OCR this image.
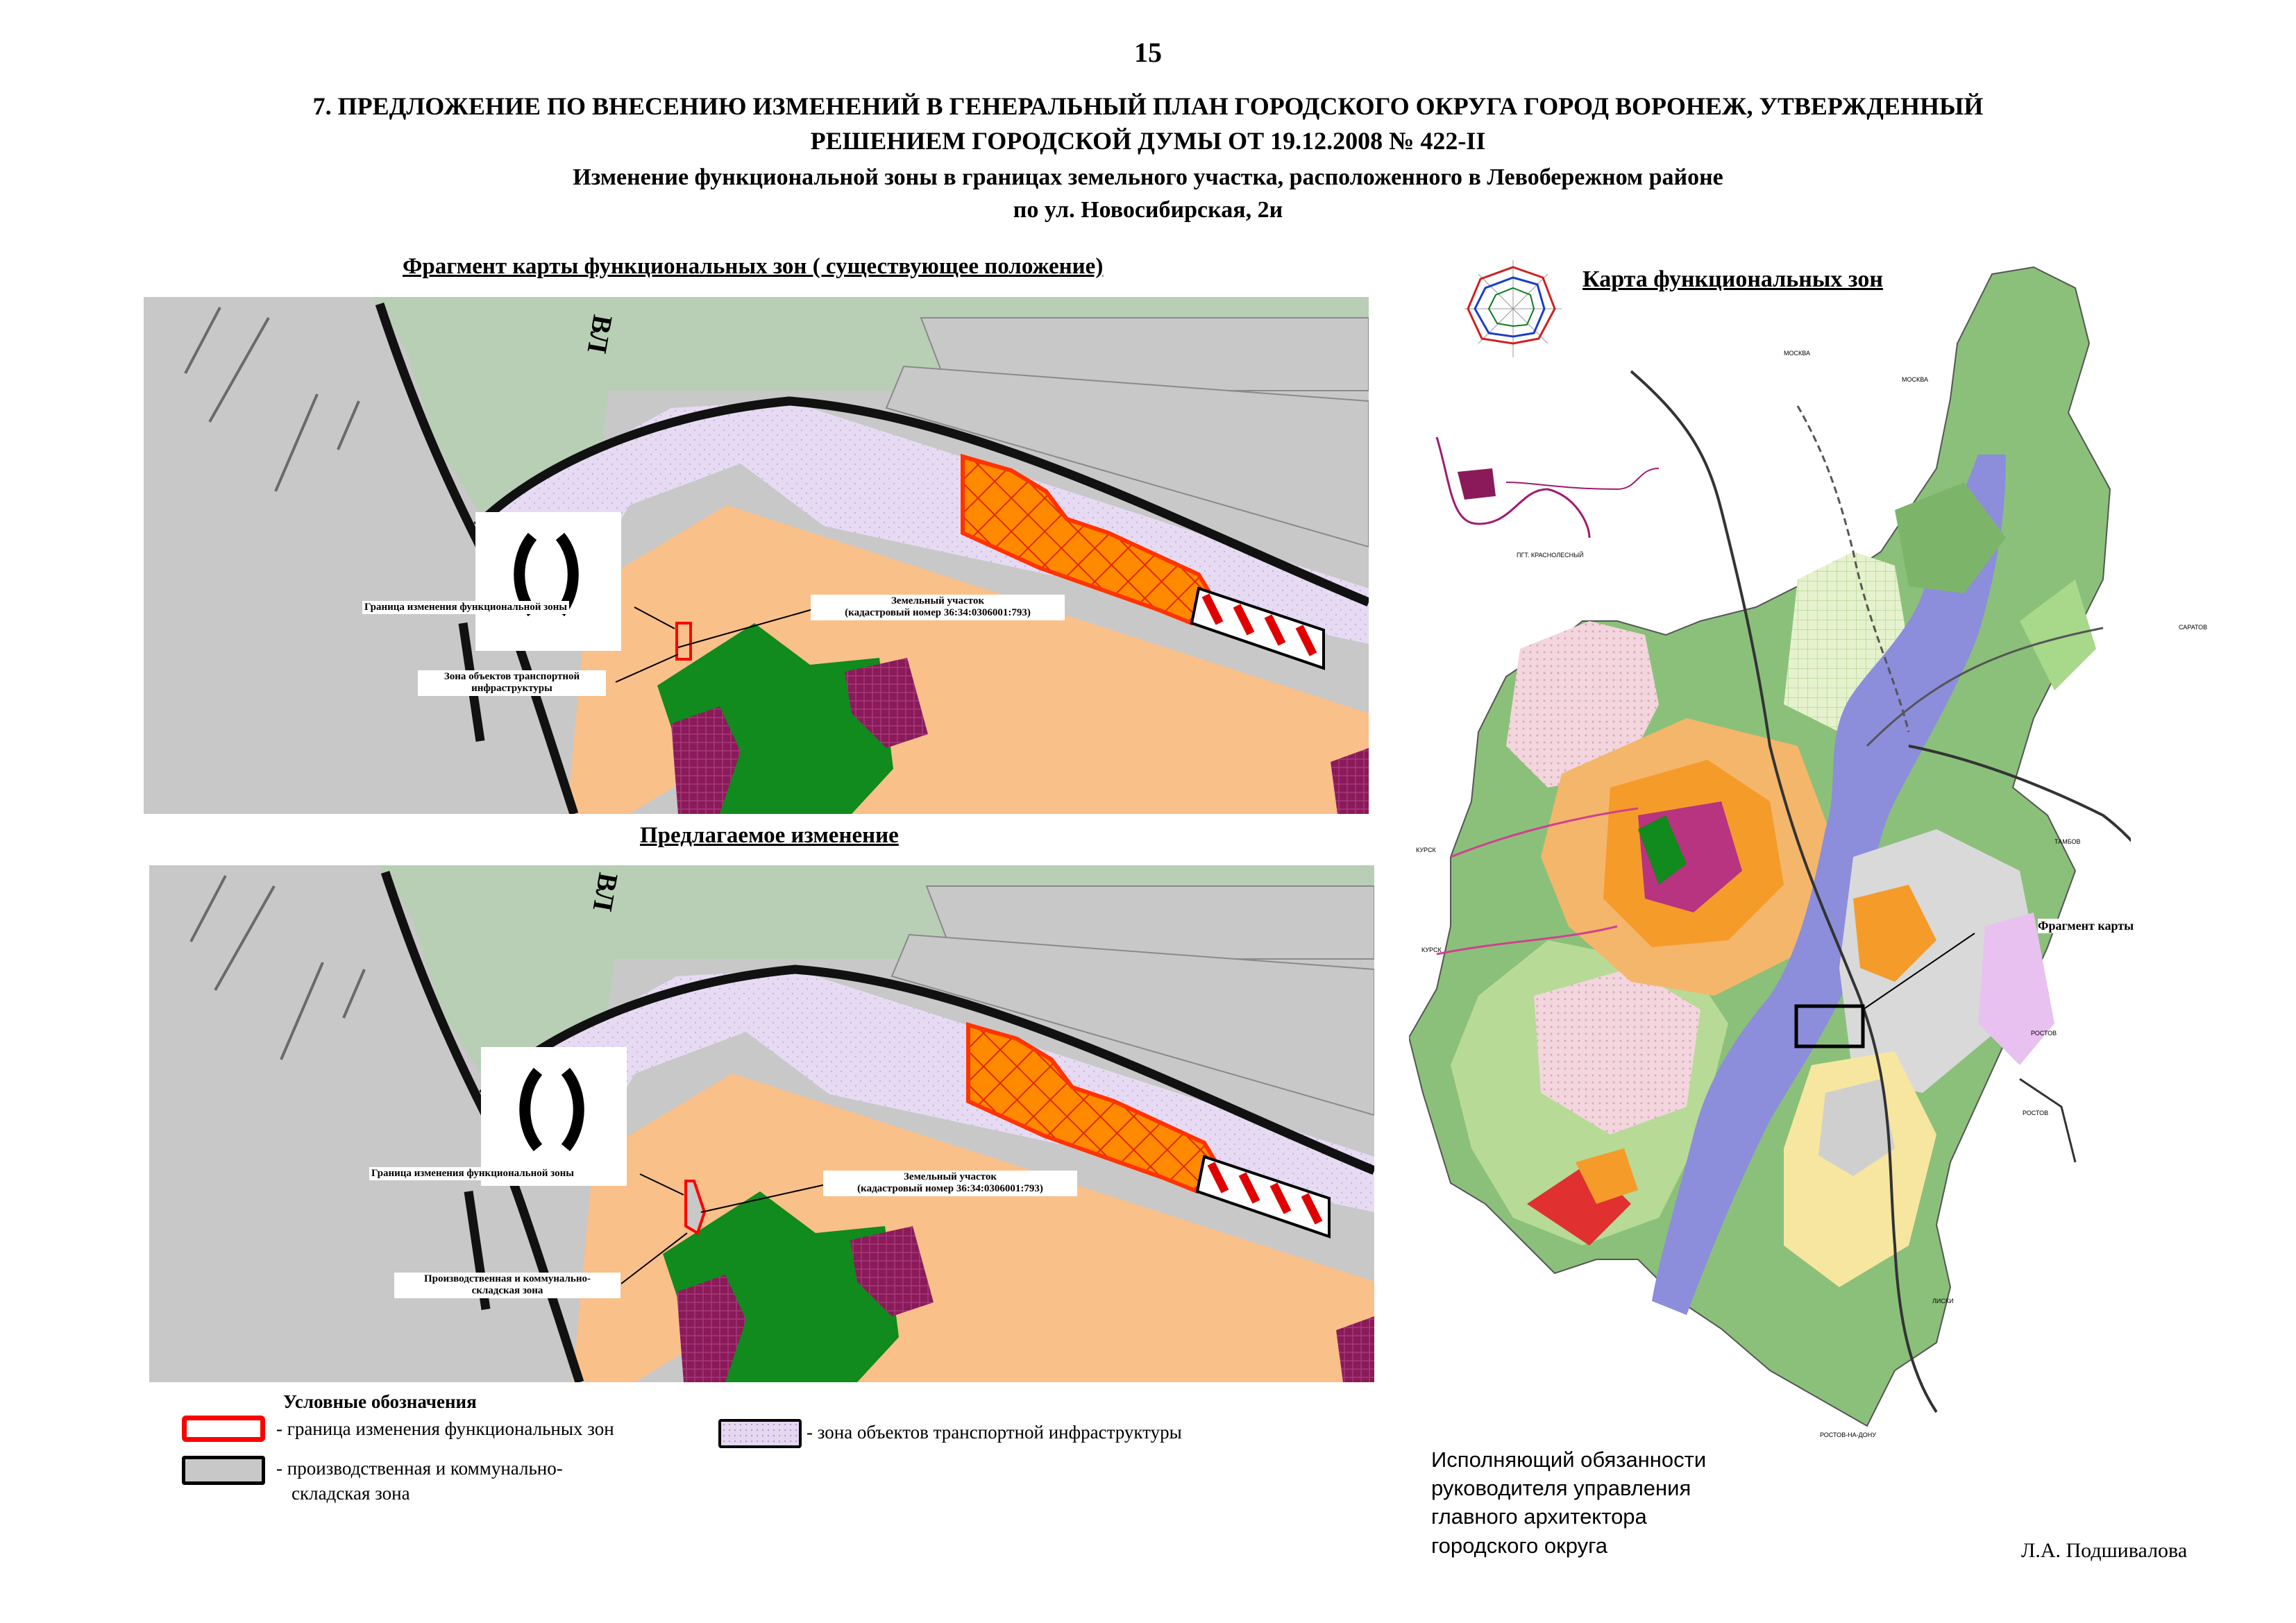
15
7. ПРЕДЛОЖЕНИЕ ПО ВНЕСЕНИЮ ИЗМЕНЕНИЙ В ГЕНЕРАЛЬНЫЙ ПЛАН ГОРОДСКОГО ОКРУГА ГОРОД ВОРОНЕЖ, УТВЕРЖДЕННЫЙ
РЕШЕНИЕМ ГОРОДСКОЙ ДУМЫ ОТ 19.12.2008 № 422-II
Изменение функциональной зоны в границах земельного участка, расположенного в Левобережном районе
по ул. Новосибирская, 2и
Фрагмент карты функциональных зон ( существующее положение)
Граница изменения функциональной зоны
Земельный участок
(кадастровый номер 36:34:0306001:793)
Зона объектов транспортной
инфраструктуры
ВЛ
Предлагаемое изменение
Граница изменения функциональной зоны	Земельный участок
(кадастровый номер 36:34:0306001:793)
Производственная и коммунально-
складская зона
ВЛ
Условные обозначения
- граница изменения функциональных зон
- производственная и коммунально-
складская зона
- зона объектов транспортной инфраструктуры
Карта функциональных зон
Фрагмент карты
КУРСК
КУРСК
МОСКВА
ПГТ. КРАСНОЛЕСНЫЙ
ТАМБОВ
РОСТОВ
РОСТОВ
САРАТОВ
ЛИСКИ
РОСТОВ-НА-ДОНУ
МОСКВА
Исполняющий обязанности
руководителя управления
главного архитектора
городского округа	Л.А. Подшивалова
